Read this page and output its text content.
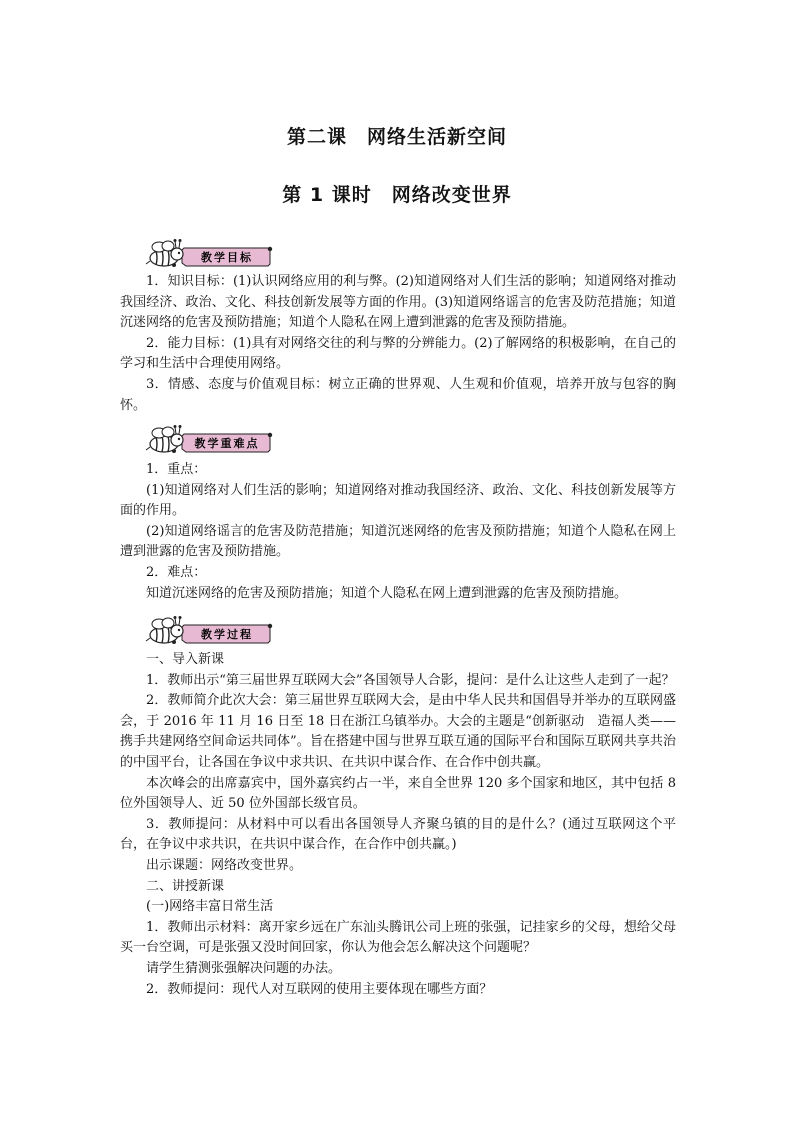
第二课　网络生活新空间
第 1 课时　网络改变世界
教学目标

1．知识目标：(1)认识网络应用的利与弊。(2)知道网络对人们生活的影响；知道网络对推动我国经济、政治、文化、科技创新发展等方面的作用。(3)知道网络谣言的危害及防范措施；知道沉迷网络的危害及预防措施；知道个人隐私在网上遭到泄露的危害及预防措施。

2．能力目标：(1)具有对网络交往的利与弊的分辨能力。(2)了解网络的积极影响，在自己的学习和生活中合理使用网络。

3．情感、态度与价值观目标：树立正确的世界观、人生观和价值观，培养开放与包容的胸怀。

教学重难点

1．重点：

(1)知道网络对人们生活的影响；知道网络对推动我国经济、政治、文化、科技创新发展等方面的作用。

(2)知道网络谣言的危害及防范措施；知道沉迷网络的危害及预防措施；知道个人隐私在网上遭到泄露的危害及预防措施。

2．难点：

知道沉迷网络的危害及预防措施；知道个人隐私在网上遭到泄露的危害及预防措施。

教学过程

一、导入新课

1．教师出示“第三届世界互联网大会”各国领导人合影，提问：是什么让这些人走到了一起？

2．教师简介此次大会：第三届世界互联网大会，是由中华人民共和国倡导并举办的互联网盛会，于 2016 年 11 月 16 日至 18 日在浙江乌镇举办。大会的主题是“创新驱动　造福人类——携手共建网络空间命运共同体”。旨在搭建中国与世界互联互通的国际平台和国际互联网共享共治的中国平台，让各国在争议中求共识、在共识中谋合作、在合作中创共赢。

本次峰会的出席嘉宾中，国外嘉宾约占一半，来自全世界 120 多个国家和地区，其中包括 8 位外国领导人、近 50 位外国部长级官员。

3．教师提问：从材料中可以看出各国领导人齐聚乌镇的目的是什么？(通过互联网这个平台，在争议中求共识，在共识中谋合作，在合作中创共赢。)

出示课题：网络改变世界。

二、讲授新课

(一)网络丰富日常生活

1．教师出示材料：离开家乡远在广东汕头腾讯公司上班的张强，记挂家乡的父母，想给父母买一台空调，可是张强又没时间回家，你认为他会怎么解决这个问题呢？

请学生猜测张强解决问题的办法。

2．教师提问：现代人对互联网的使用主要体现在哪些方面？
